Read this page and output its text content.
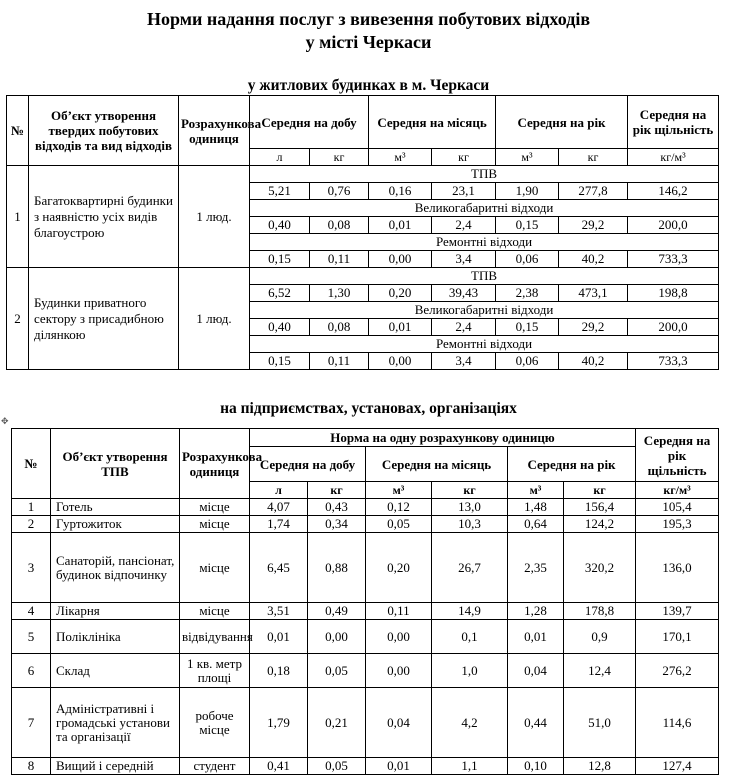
Норми надання послуг з вивезення побутових відходів
у місті Черкаси
у житлових будинках в м. Черкаси
№	Об’єкт утворення твердих побутових відходів та вид відходів	Розрахункова одиниця	Середня на добу		Середня на місяць		Середня на рік		Середня на рік щільність
			л	кг	м³	кг	м³	кг	кг/м³
1	Багатоквартирні будинки з наявністю усіх видів благоустрою	1 люд.	ТПВ						
			5,21	0,76	0,16	23,1	1,90	277,8	146,2
			Великогабаритні відходи						
			0,40	0,08	0,01	2,4	0,15	29,2	200,0
			Ремонтні відходи						
			0,15	0,11	0,00	3,4	0,06	40,2	733,3
2	Будинки приватного сектору з присадибною ділянкою	1 люд.	ТПВ						
			6,52	1,30	0,20	39,43	2,38	473,1	198,8
			Великогабаритні відходи						
			0,40	0,08	0,01	2,4	0,15	29,2	200,0
			Ремонтні відходи						
			0,15	0,11	0,00	3,4	0,06	40,2	733,3
на підприємствах, установах, організаціях
✥
№	Об’єкт утворення ТПВ	Розрахункова одиниця	Норма на одну розрахункову одиницю						Середня на рік щільність
			Середня на добу		Середня на місяць		Середня на рік		
			л	кг	м³	кг	м³	кг	кг/м³
1	Готель	місце	4,07	0,43	0,12	13,0	1,48	156,4	105,4
2	Гуртожиток	місце	1,74	0,34	0,05	10,3	0,64	124,2	195,3
3	Санаторій, пансіонат, будинок відпочинку	місце	6,45	0,88	0,20	26,7	2,35	320,2	136,0
4	Лікарня	місце	3,51	0,49	0,11	14,9	1,28	178,8	139,7
5	Поліклініка	відвідування	0,01	0,00	0,00	0,1	0,01	0,9	170,1
6	Склад	1 кв. метр площі	0,18	0,05	0,00	1,0	0,04	12,4	276,2
7	Адміністративні і громадські установи та організації	робоче місце	1,79	0,21	0,04	4,2	0,44	51,0	114,6
8	Вищий і середній	студент	0,41	0,05	0,01	1,1	0,10	12,8	127,4
